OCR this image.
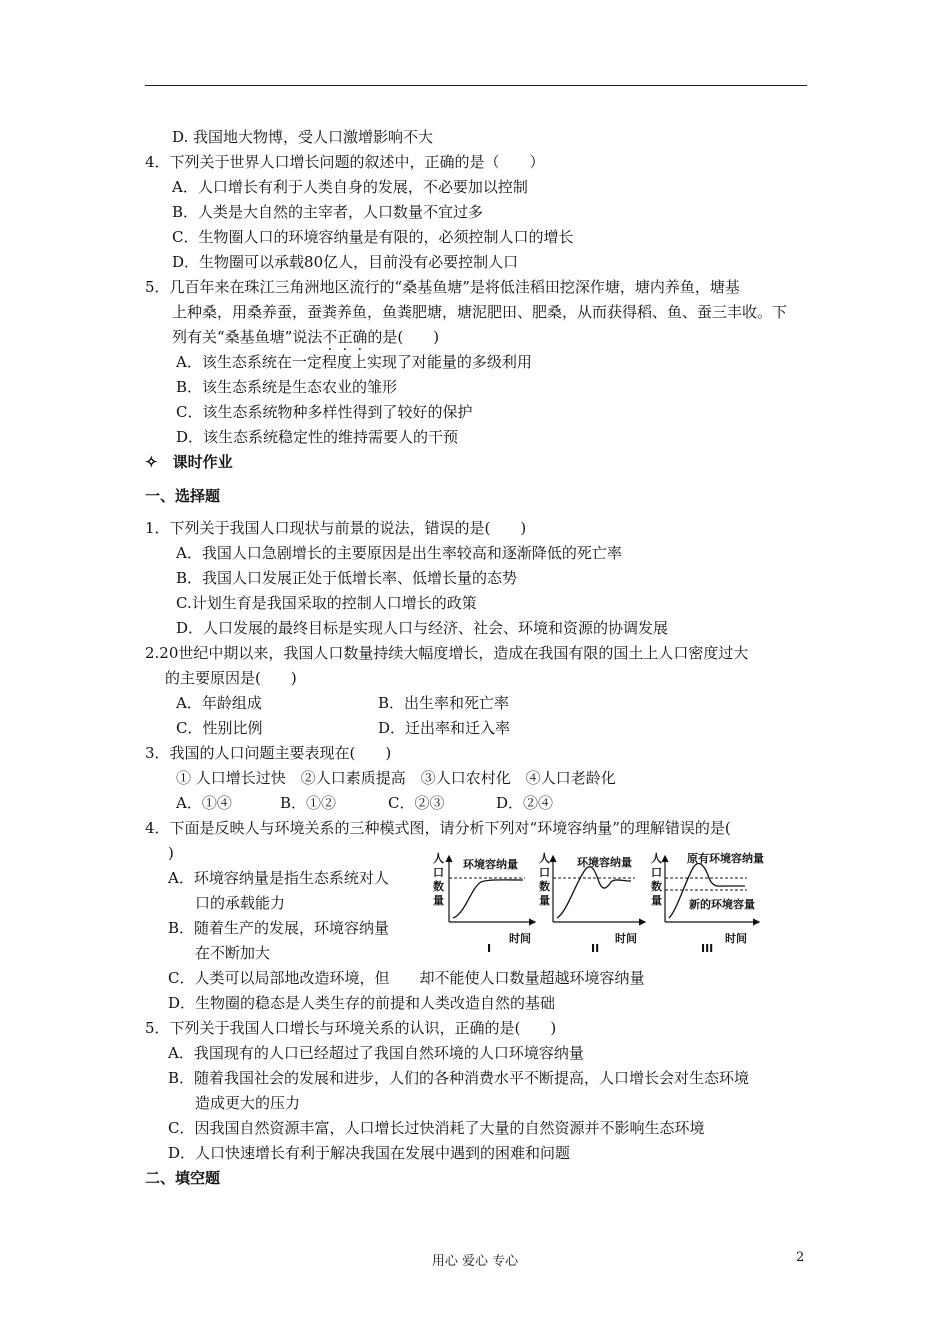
D. 我国地大物博，受人口激增影响不大
4．下列关于世界人口增长问题的叙述中，正确的是（　　）
A．人口增长有利于人类自身的发展，不必要加以控制
B．人类是大自然的主宰者，人口数量不宜过多
C．生物圈人口的环境容纳量是有限的，必须控制人口的增长
D．生物圈可以承载80亿人，目前没有必要控制人口
5．几百年来在珠江三角洲地区流行的“桑基鱼塘”是将低洼稻田挖深作塘，塘内养鱼，塘基
上种桑，用桑养蚕，蚕粪养鱼，鱼粪肥塘，塘泥肥田、肥桑，从而获得稻、鱼、蚕三丰收。下
列有关“桑基鱼塘”说法不正确的是(　　)
A．该生态系统在一定程度上实现了对能量的多级利用
B．该生态系统是生态农业的雏形
C．该生态系统物种多样性得到了较好的保护
D．该生态系统稳定性的维持需要人的干预
✧　课时作业
一、选择题
1．下列关于我国人口现状与前景的说法，错误的是(　　)
A．我国人口急剧增长的主要原因是出生率较高和逐渐降低的死亡率
B．我国人口发展正处于低增长率、低增长量的态势
C.计划生育是我国采取的控制人口增长的政策
D．人口发展的最终目标是实现人口与经济、社会、环境和资源的协调发展
2.20世纪中期以来，我国人口数量持续大幅度增长，造成在我国有限的国土上人口密度过大
的主要原因是(　　)
A．年龄组成	B．出生率和死亡率
C．性别比例	D．迁出率和迁入率
3．我国的人口问题主要表现在(　　)
① 人口增长过快　②人口素质提高　③人口农村化　④人口老龄化
A．①④	B．①②	C．②③	D．②④
4．下面是反映人与环境关系的三种模式图，请分析下列对“环境容纳量”的理解错误的是(
)
A．环境容纳量是指生态系统对人
口的承载能力
B．随着生产的发展，环境容纳量
在不断加大
人
口
数
量
环境容纳量
I
时间
人
口
数
量
环境容纳量
II
时间
人
口
数
量
原有环境容纳量
新的环境容量
III
时间
C．人类可以局部地改造环境，但　　却不能使人口数量超越环境容纳量
D．生物圈的稳态是人类生存的前提和人类改造自然的基础
5．下列关于我国人口增长与环境关系的认识，正确的是(　　)
A．我国现有的人口已经超过了我国自然环境的人口环境容纳量
B．随着我国社会的发展和进步，人们的各种消费水平不断提高，人口增长会对生态环境
造成更大的压力
C．因我国自然资源丰富，人口增长过快消耗了大量的自然资源并不影响生态环境
D．人口快速增长有利于解决我国在发展中遇到的困难和问题
二、填空题
用心 爱心 专心	2
